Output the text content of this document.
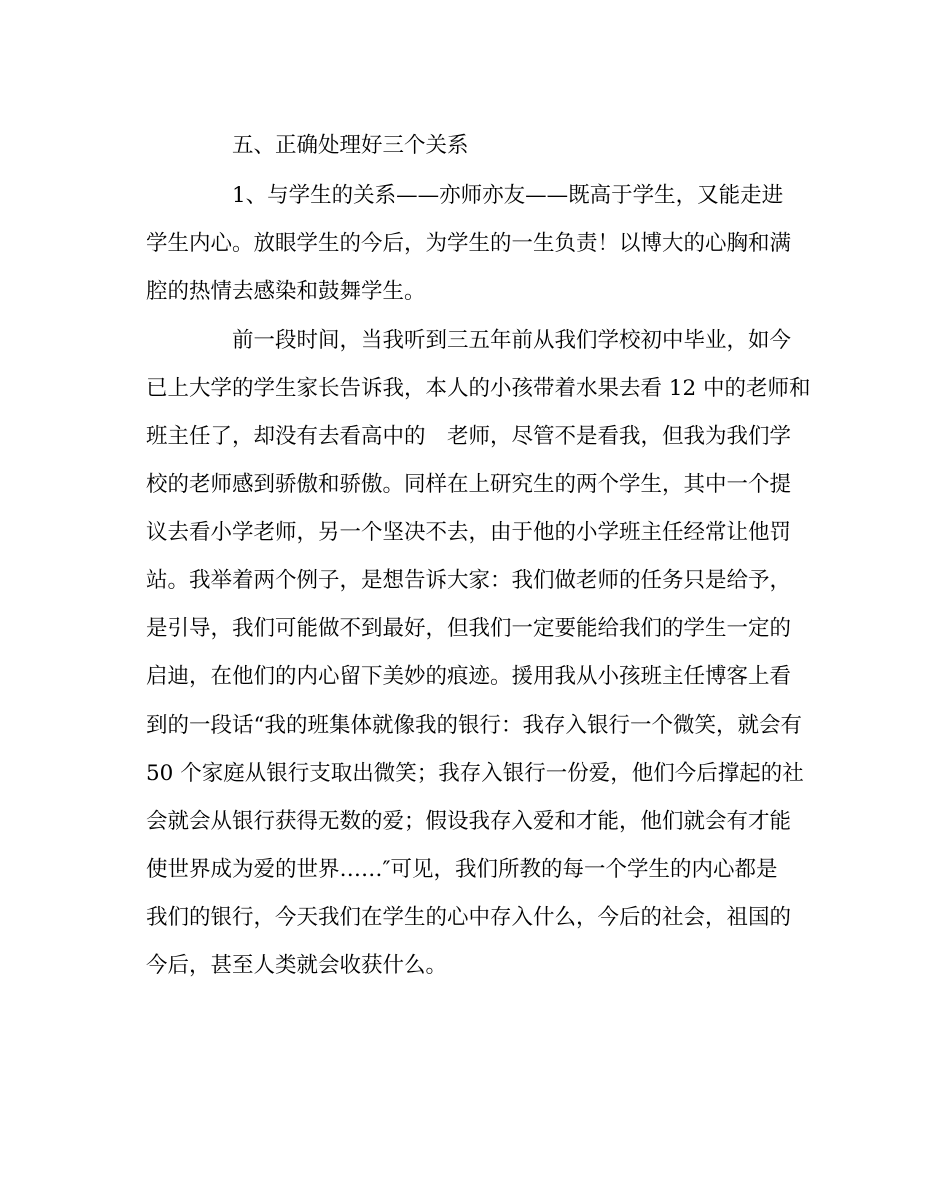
五、正确处理好三个关系
1、与学生的关系——亦师亦友——既高于学生，又能走进
学生内心。放眼学生的今后，为学生的一生负责！以博大的心胸和满
腔的热情去感染和鼓舞学生。
前一段时间，当我听到三五年前从我们学校初中毕业，如今
已上大学的学生家长告诉我，本人的小孩带着水果去看 12 中的老师和
班主任了，却没有去看高中的　老师，尽管不是看我，但我为我们学
校的老师感到骄傲和骄傲。同样在上研究生的两个学生，其中一个提
议去看小学老师，另一个坚决不去，由于他的小学班主任经常让他罚
站。我举着两个例子，是想告诉大家：我们做老师的任务只是给予，
是引导，我们可能做不到最好，但我们一定要能给我们的学生一定的
启迪，在他们的内心留下美妙的痕迹。援用我从小孩班主任博客上看
到的一段话“我的班集体就像我的银行：我存入银行一个微笑，就会有
50 个家庭从银行支取出微笑；我存入银行一份爱，他们今后撑起的社
会就会从银行获得无数的爱；假设我存入爱和才能，他们就会有才能
使世界成为爱的世界……″可见，我们所教的每一个学生的内心都是
我们的银行，今天我们在学生的心中存入什么，今后的社会，祖国的
今后，甚至人类就会收获什么。
